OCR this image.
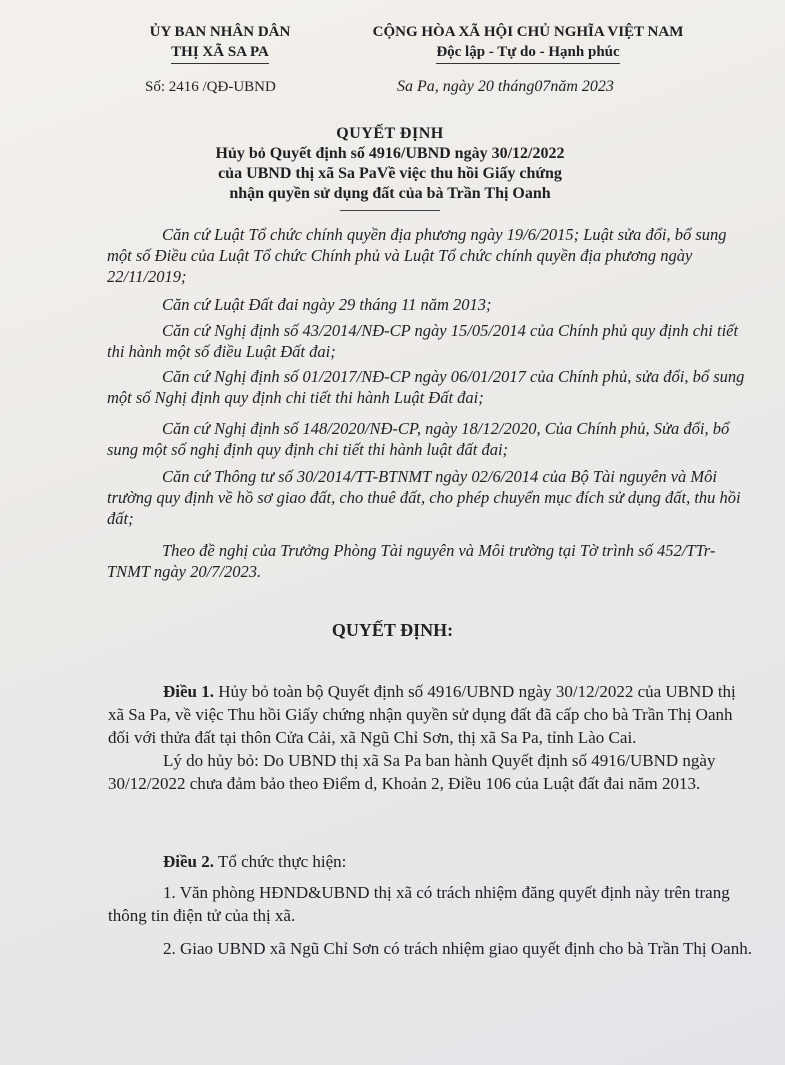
ỦY BAN NHÂN DÂN
THỊ XÃ SA PA
CỘNG HÒA XÃ HỘI CHỦ NGHĨA VIỆT NAM
Độc lập - Tự do - Hạnh phúc
Số: 2416 /QĐ-UBND	Sa Pa, ngày 20 tháng07năm 2023
QUYẾT ĐỊNH
Hủy bỏ Quyết định số 4916/UBND ngày 30/12/2022
của UBND thị xã Sa PaVề việc thu hồi Giấy chứng
nhận quyền sử dụng đất của bà Trần Thị Oanh

Căn cứ Luật Tổ chức chính quyền địa phương ngày 19/6/2015; Luật sửa đổi, bổ sung một số Điều của Luật Tổ chức Chính phủ và Luật Tổ chức chính quyền địa phương ngày 22/11/2019;

Căn cứ Luật Đất đai ngày 29 tháng 11 năm 2013;

Căn cứ Nghị định số 43/2014/NĐ-CP ngày 15/05/2014 của Chính phủ quy định chi tiết thi hành một số điều Luật Đất đai;

Căn cứ Nghị định số 01/2017/NĐ-CP ngày 06/01/2017 của Chính phủ, sửa đổi, bổ sung một số Nghị định quy định chi tiết thi hành Luật Đất đai;

Căn cứ Nghị định số 148/2020/NĐ-CP, ngày 18/12/2020, Của Chính phủ, Sửa đổi, bổ sung một số nghị định quy định chi tiết thi hành luật đất đai;

Căn cứ Thông tư số 30/2014/TT-BTNMT ngày 02/6/2014 của Bộ Tài nguyên và Môi trường quy định về hồ sơ giao đất, cho thuê đất, cho phép chuyển mục đích sử dụng đất, thu hồi đất;

Theo đề nghị của Trưởng Phòng Tài nguyên và Môi trường tại Tờ trình số 452/TTr-TNMT ngày 20/7/2023.

QUYẾT ĐỊNH:

Điều 1. Hủy bỏ toàn bộ Quyết định số 4916/UBND ngày 30/12/2022 của UBND thị xã Sa Pa, về việc Thu hồi Giấy chứng nhận quyền sử dụng đất đã cấp cho bà Trần Thị Oanh đối với thửa đất tại thôn Cửa Cải, xã Ngũ Chỉ Sơn, thị xã Sa Pa, tỉnh Lào Cai.

Lý do hủy bỏ: Do UBND thị xã Sa Pa ban hành Quyết định số 4916/UBND ngày 30/12/2022 chưa đảm bảo theo Điểm d, Khoản 2, Điều 106 của Luật đất đai năm 2013.

Điều 2. Tổ chức thực hiện:

1. Văn phòng HĐND&UBND thị xã có trách nhiệm đăng quyết định này trên trang thông tin điện tử của thị xã.

2. Giao UBND xã Ngũ Chỉ Sơn có trách nhiệm giao quyết định cho bà Trần Thị Oanh.
